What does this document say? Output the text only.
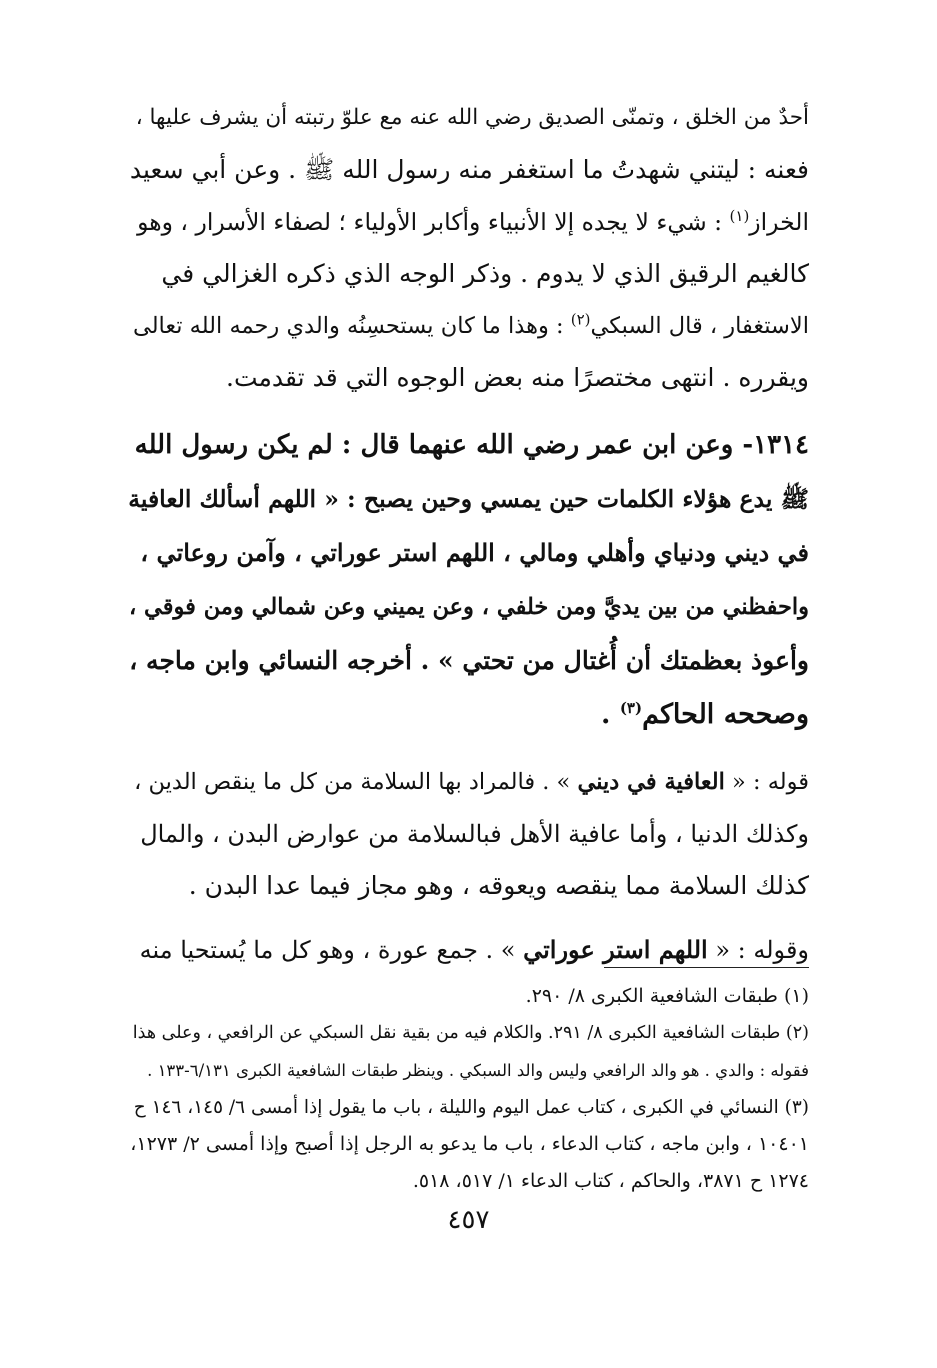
أحدٌ من الخلق ، وتمنّى الصديق رضي الله عنه مع علوّ رتبته أن يشرف عليها ،
فعنه : ليتني شهدتُ ما استغفر منه رسول الله ﷺ . وعن أبي سعيد
الخراز$^{(١)}$ : شيء لا يجده إلا الأنبياء وأكابر الأولياء ؛ لصفاء الأسرار ، وهو
كالغيم الرقيق الذي لا يدوم . وذكر الوجه الذي ذكره الغزالي في
الاستغفار ، قال السبكي$^{(٢)}$ : وهذا ما كان يستحسِنُه والدي رحمه الله تعالى
ويقرره . انتهى مختصرًا منه بعض الوجوه التي قد تقدمت.

١٣١٤- وعن ابن عمر رضي الله عنهما قال : لم يكن رسول الله
ﷺ يدع هؤلاء الكلمات حين يمسي وحين يصبح : « اللهم أسألك العافية
في ديني ودنياي وأهلي ومالي ، اللهم استر عوراتي ، وآمن روعاتي ،
واحفظني من بين يديَّ ومن خلفي ، وعن يميني وعن شمالي ومن فوقي ،
وأعوذ بعظمتك أن أُغتال من تحتي » . أخرجه النسائي وابن ماجه ،
وصححه الحاكم$^{(٣)}$ .

قوله : « العافية في ديني » . فالمراد بها السلامة من كل ما ينقص الدين ،
وكذلك الدنيا ، وأما عافية الأهل فبالسلامة من عوارض البدن ، والمال
كذلك السلامة مما ينقصه ويعوقه ، وهو مجاز فيما عدا البدن .

وقوله : « اللهم استر عوراتي » . جمع عورة ، وهو كل ما يُستحيا منه

(١) طبقات الشافعية الكبرى ٨/ ٢٩٠.
(٢) طبقات الشافعية الكبرى ٨/ ٢٩١. والكلام فيه من بقية نقل السبكي عن الرافعي ، وعلى هذا
فقوله : والدي . هو والد الرافعي وليس والد السبكي . وينظر طبقات الشافعية الكبرى ٦/١٣١-١٣٣ .
(٣) النسائي في الكبرى ، كتاب عمل اليوم والليلة ، باب ما يقول إذا أمسى ٦/ ١٤٥، ١٤٦ ح
١٠٤٠١ ، وابن ماجه ، كتاب الدعاء ، باب ما يدعو به الرجل إذا أصبح وإذا أمسى ٢/ ١٢٧٣،
١٢٧٤ ح ٣٨٧١، والحاكم ، كتاب الدعاء ١/ ٥١٧، ٥١٨.
٤٥٧
